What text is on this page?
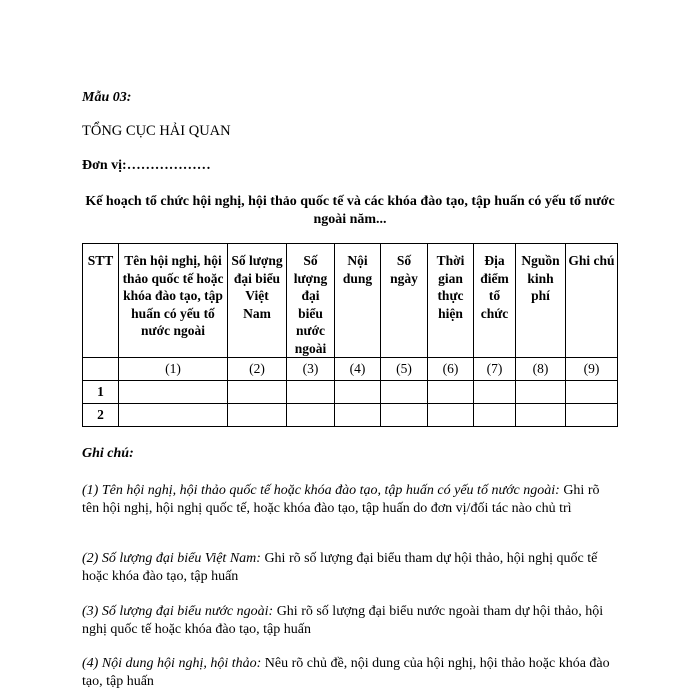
Mẫu 03:
TỔNG CỤC HẢI QUAN
Đơn vị:………………
Kế hoạch tổ chức hội nghị, hội thảo quốc tế và các khóa đào tạo, tập huấn có yếu tố nước ngoài năm...
STT	Tên hội nghị, hội thảo quốc tế hoặc khóa đào tạo, tập huấn có yếu tố nước ngoài	Số lượng đại biểu Việt Nam	Số lượng đại biểu nước ngoài	Nội dung	Số ngày	Thời gian thực hiện	Địa điểm tổ chức	Nguồn kinh phí	Ghi chú
	(1)	(2)	(3)	(4)	(5)	(6)	(7)	(8)	(9)
1									
2									
Ghi chú:
(1) Tên hội nghị, hội thảo quốc tế hoặc khóa đào tạo, tập huấn có yếu tố nước ngoài: Ghi rõ tên hội nghị, hội nghị quốc tế, hoặc khóa đào tạo, tập huấn do đơn vị/đối tác nào chủ trì
(2) Số lượng đại biểu Việt Nam: Ghi rõ số lượng đại biểu tham dự hội thảo, hội nghị quốc tế hoặc khóa đào tạo, tập huấn
(3) Số lượng đại biểu nước ngoài: Ghi rõ số lượng đại biểu nước ngoài tham dự hội thảo, hội nghị quốc tế hoặc khóa đào tạo, tập huấn
(4) Nội dung hội nghị, hội thảo: Nêu rõ chủ đề, nội dung của hội nghị, hội thảo hoặc khóa đào tạo, tập huấn
